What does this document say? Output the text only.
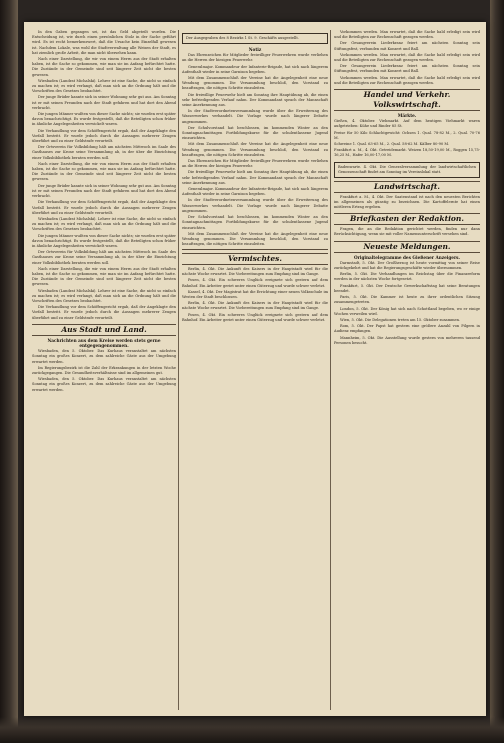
In den Gaben gegangen sei, ist das Geld abgeteilt worden. Die Entscheidung ist, wie durch einen persönlichen Stolz in der Sache geführt wird. Es ist recht bemerkenswert, daß die Ursache kein Einzelfall gewesen ist. Nachdem Lokale, was wohl die Stadtverwaltung alle Weisen der Stadt, es hat ziemlich große Arbeit, die man nicht übersehen kann.

Nach einer Darstellung, die wir von einem Herrn aus der Stadt erhalten haben, ist die Sache so gekommen, wie man sie im Anfang befürchtet hatte. Die Zustände in der Gemeinde sind seit längerer Zeit nicht die besten gewesen.

Wiesbaden (Landrat Michalski). Lehrer ist eine Sache, die nicht so einfach zu machen ist; es wird verlangt, daß man sich an die Ordnung hält und die Vorschriften des Gesetzes beobachtet.

Der junge Brüder kannte sich in seiner Wohnung sehr gut aus. Am Sonntag ist er mit seinen Freunden nach der Stadt gefahren und hat dort den Abend verbracht.

Die jungen Männer wußten von dieser Sache nichts; sie wurden erst später davon benachrichtigt. Es wurde festgestellt, daß die Beteiligten schon früher in ähnliche Angelegenheiten verwickelt waren.

Die Verhandlung vor dem Schöffengericht ergab, daß der Angeklagte den Vorfall bestritt. Er wurde jedoch durch die Aussagen mehrerer Zeugen überführt und zu einer Geldstrafe verurteilt.

Der Ortsverein für Volksbildung hält am nächsten Mittwoch im Saale des Gasthauses zur Krone seine Versammlung ab, in der über die Einrichtung einer Volksbibliothek beraten werden soll.

Nach einer Darstellung, die wir von einem Herrn aus der Stadt erhalten haben, ist die Sache so gekommen, wie man sie im Anfang befürchtet hatte. Die Zustände in der Gemeinde sind seit längerer Zeit nicht die besten gewesen.

Der junge Brüder kannte sich in seiner Wohnung sehr gut aus. Am Sonntag ist er mit seinen Freunden nach der Stadt gefahren und hat dort den Abend verbracht.

Die Verhandlung vor dem Schöffengericht ergab, daß der Angeklagte den Vorfall bestritt. Er wurde jedoch durch die Aussagen mehrerer Zeugen überführt und zu einer Geldstrafe verurteilt.

Wiesbaden (Landrat Michalski). Lehrer ist eine Sache, die nicht so einfach zu machen ist; es wird verlangt, daß man sich an die Ordnung hält und die Vorschriften des Gesetzes beobachtet.

Die jungen Männer wußten von dieser Sache nichts; sie wurden erst später davon benachrichtigt. Es wurde festgestellt, daß die Beteiligten schon früher in ähnliche Angelegenheiten verwickelt waren.

Der Ortsverein für Volksbildung hält am nächsten Mittwoch im Saale des Gasthauses zur Krone seine Versammlung ab, in der über die Einrichtung einer Volksbibliothek beraten werden soll.

Nach einer Darstellung, die wir von einem Herrn aus der Stadt erhalten haben, ist die Sache so gekommen, wie man sie im Anfang befürchtet hatte. Die Zustände in der Gemeinde sind seit längerer Zeit nicht die besten gewesen.

Wiesbaden (Landrat Michalski). Lehrer ist eine Sache, die nicht so einfach zu machen ist; es wird verlangt, daß man sich an die Ordnung hält und die Vorschriften des Gesetzes beobachtet.

Die Verhandlung vor dem Schöffengericht ergab, daß der Angeklagte den Vorfall bestritt. Er wurde jedoch durch die Aussagen mehrerer Zeugen überführt und zu einer Geldstrafe verurteilt.

Aus Stadt und Land.
Nachrichten aus dem Kreise werden stets gerne entgegengenommen.

Wiesbaden, den 5. Oktober. Das Kurhaus veranstaltet am nächsten Sonntag ein großes Konzert, zu dem zahlreiche Gäste aus der Umgebung erwartet werden.

Im Regierungsbezirk ist die Zahl der Erkrankungen in der letzten Woche zurückgegangen. Die Gesundheitsverhältnisse sind im allgemeinen gut.

Wiesbaden, den 5. Oktober. Das Kurhaus veranstaltet am nächsten Sonntag ein großes Konzert, zu dem zahlreiche Gäste aus der Umgebung erwartet werden.

Der Ausgegraben des 8 Bezirks 1 St. 9. Geschäfts ausgestellt.
Notiz

Das Ehrenzeichen für Mitglieder freiwilliger Feuerwehren wurde verliehen an die Herren der hiesigen Feuerwehr.

Generalmajor. Kommandeur der Infanterie-Brigade, hat sich nach längerem Aufenthalt wieder in seine Garnison begeben.

Mit dem Zusammenschluß der Vereine hat die Angelegenheit eine neue Wendung genommen. Die Versammlung beschloß, den Vorstand zu beauftragen, die nötigen Schritte einzuleiten.

Die freiwillige Feuerwehr hielt am Sonntag ihre Hauptübung ab, die einen sehr befriedigenden Verlauf nahm. Der Kommandant sprach der Mannschaft seine Anerkennung aus.

In der Stadtverordnetenversammlung wurde über die Erweiterung des Wasserwerkes verhandelt. Die Vorlage wurde nach längerer Debatte angenommen.

Der Schulvorstand hat beschlossen, im kommenden Winter an den Sonntagnachmittagen Fortbildungskurse für die schulentlassene Jugend einzurichten.

Mit dem Zusammenschluß der Vereine hat die Angelegenheit eine neue Wendung genommen. Die Versammlung beschloß, den Vorstand zu beauftragen, die nötigen Schritte einzuleiten.

Das Ehrenzeichen für Mitglieder freiwilliger Feuerwehren wurde verliehen an die Herren der hiesigen Feuerwehr.

Die freiwillige Feuerwehr hielt am Sonntag ihre Hauptübung ab, die einen sehr befriedigenden Verlauf nahm. Der Kommandant sprach der Mannschaft seine Anerkennung aus.

Generalmajor. Kommandeur der Infanterie-Brigade, hat sich nach längerem Aufenthalt wieder in seine Garnison begeben.

In der Stadtverordnetenversammlung wurde über die Erweiterung des Wasserwerkes verhandelt. Die Vorlage wurde nach längerer Debatte angenommen.

Der Schulvorstand hat beschlossen, im kommenden Winter an den Sonntagnachmittagen Fortbildungskurse für die schulentlassene Jugend einzurichten.

Mit dem Zusammenschluß der Vereine hat die Angelegenheit eine neue Wendung genommen. Die Versammlung beschloß, den Vorstand zu beauftragen, die nötigen Schritte einzuleiten.

Vermischtes.

Berlin, 4. Okt. Die Ankunft des Kaisers in der Hauptstadt wird für die nächste Woche erwartet. Die Vorbereitungen zum Empfang sind im Gange.

Posen, 4. Okt. Ein schweres Unglück ereignete sich gestern auf dem Bahnhof. Ein Arbeiter geriet unter einen Güterzug und wurde schwer verletzt.

Kassel, 4. Okt. Der Magistrat hat die Errichtung einer neuen Volksschule im Westen der Stadt beschlossen.

Berlin, 4. Okt. Die Ankunft des Kaisers in der Hauptstadt wird für die nächste Woche erwartet. Die Vorbereitungen zum Empfang sind im Gange.

Posen, 4. Okt. Ein schweres Unglück ereignete sich gestern auf dem Bahnhof. Ein Arbeiter geriet unter einen Güterzug und wurde schwer verletzt.

Vorkommen werden. Man erwartet, daß die Sache bald erledigt sein wird und die Beteiligten zur Rechenschaft gezogen werden.

Der Gesangverein Liederkranz feiert am nächsten Sonntag sein Stiftungsfest, verbunden mit Konzert und Ball.

Vorkommen werden. Man erwartet, daß die Sache bald erledigt sein wird und die Beteiligten zur Rechenschaft gezogen werden.

Der Gesangverein Liederkranz feiert am nächsten Sonntag sein Stiftungsfest, verbunden mit Konzert und Ball.

Vorkommen werden. Man erwartet, daß die Sache bald erledigt sein wird und die Beteiligten zur Rechenschaft gezogen werden.

Handel und Verkehr. Volkswirtschaft.
Märkte.

Gießen, 4. Oktober. Viehmarkt. Auf dem heutigen Viehmarkt waren aufgetrieben: Kühe und Rinder 85 St.

Preise für 50 Kilo Schlachtgewicht: Ochsen 1. Qual. 78-82 M., 2. Qual. 70-76 M.

Schweine 1. Qual. 63-65 M., 2. Qual. 58-62 M. Kälber 80-90 M.

Frankfurt a. M., 4. Okt. Getreidemarkt. Weizen 18,50-19,00 M., Roggen 15,75-16,25 M., Hafer 16,00-17,00 M.

Badenwarte. 4. Okt. Die Generalversammlung der landwirtschaftlichen Genossenschaft findet am Sonntag im Vereinslokal statt.
Landwirtschaft.

Frankfurt a. M., 4. Okt. Der Saatenstand ist nach den neuesten Berichten im allgemeinen als günstig zu bezeichnen. Die Kartoffelernte hat einen mittleren Ertrag ergeben.

Briefkasten der Redaktion.

Fragen, die an die Redaktion gerichtet werden, finden nur dann Berücksichtigung, wenn sie mit voller Namensunterschrift versehen sind.

Neueste Meldungen.
Originaltelegramme des Gießener Anzeigers.

Darmstadt, 5. Okt. Der Großherzog ist heute vormittag von seiner Reise zurückgekehrt und hat die Regierungsgeschäfte wieder übernommen.

Berlin, 5. Okt. Die Verhandlungen im Reichstag über die Finanzreform werden in der nächsten Woche fortgesetzt.

Frankfurt, 5. Okt. Der Deutsche Gewerkschaftstag hat seine Beratungen beendet.

Paris, 5. Okt. Die Kammer ist heute zu ihrer ordentlichen Sitzung zusammengetreten.

London, 5. Okt. Der König hat sich nach Schottland begeben, wo er einige Wochen verweilen wird.

Wien, 5. Okt. Die Delegationen treten am 15. Oktober zusammen.

Rom, 5. Okt. Der Papst hat gestern eine größere Anzahl von Pilgern in Audienz empfangen.

Mannheim, 5. Okt. Die Ausstellung wurde gestern von mehreren tausend Personen besucht.
